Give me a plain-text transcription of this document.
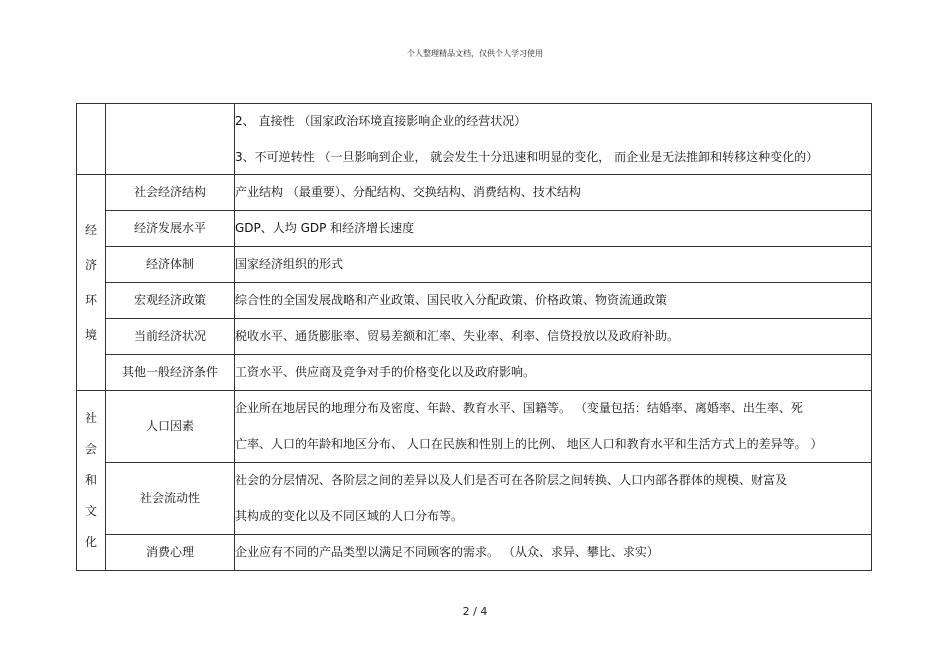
个人整理精品文档，仅供个人学习使用

		2、 直接性 （国家政治环境直接影响企业的经营状况）
3、不可逆转性 （一旦影响到企业， 就会发生十分迅速和明显的变化， 而企业是无法推卸和转移这种变化的）

经
济
环
境	社会经济结构	产业结构 （最重要）、分配结构、交换结构、消费结构、技术结构
	经济发展水平	GDP、人均 GDP 和经济增长速度
	经济体制	国家经济组织的形式
	宏观经济政策	综合性的全国发展战略和产业政策、国民收入分配政策、价格政策、物资流通政策
	当前经济状况	税收水平、通货膨胀率、贸易差额和汇率、失业率、利率、信贷投放以及政府补助。
	其他一般经济条件	工资水平、供应商及竞争对手的价格变化以及政府影响。

社
会
和
文
化	人口因素	企业所在地居民的地理分布及密度、年龄、教育水平、国籍等。 （变量包括：结婚率、离婚率、出生率、死
亡率、人口的年龄和地区分布、 人口在民族和性别上的比例、 地区人口和教育水平和生活方式上的差异等。 ）

	社会流动性	社会的分层情况、各阶层之间的差异以及人们是否可在各阶层之间转换、人口内部各群体的规模、财富及
其构成的变化以及不同区域的人口分布等。

	消费心理	企业应有不同的产品类型以满足不同顾客的需求。 （从众、求异、攀比、求实）
2 / 4
